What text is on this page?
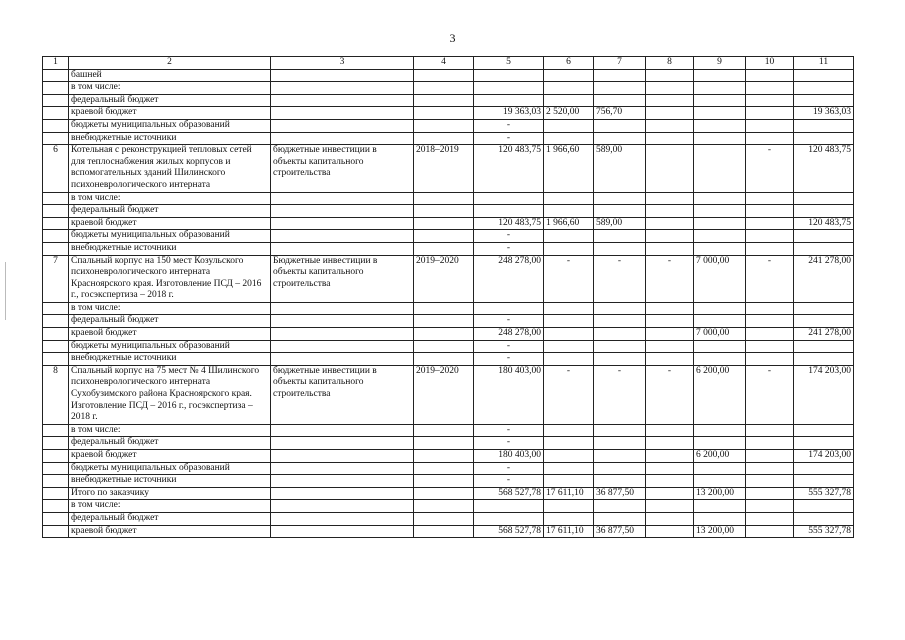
3
1	2	3	4	5	6	7	8	9	10	11
	башней									
	в том числе:									
	федеральный бюджет									
	краевой бюджет			19 363,03	2 520,00	756,70				19 363,03
	бюджеты муниципальных образований			-						
	внебюджетные источники			-						
6	Котельная с реконструкцией тепловых сетей для теплоснабжения жилых корпусов и вспомогательных зданий Шилинского психоневрологического интерната	бюджетные инвестиции в объекты капитального строительства	2018–2019	120 483,75	1 966,60	589,00			-	120 483,75
	в том числе:									
	федеральный бюджет									
	краевой бюджет			120 483,75	1 966,60	589,00				120 483,75
	бюджеты муниципальных образований			-						
	внебюджетные источники			-						
7	Спальный корпус на 150 мест Козульского психоневрологического интерната Красноярского края. Изготовление ПСД – 2016 г., госэкспертиза – 2018 г.	Бюджетные инвестиции в объекты капитального строительства	2019–2020	248 278,00	-	-	-	7 000,00	-	241 278,00
	в том числе:									
	федеральный бюджет			-						
	краевой бюджет			248 278,00				7 000,00		241 278,00
	бюджеты муниципальных образований			-						
	внебюджетные источники			-						
8	Спальный корпус на 75 мест № 4 Шилинского психоневрологического интерната Сухобузимского района Красноярского края. Изготовление ПСД – 2016 г., госэкспертиза – 2018 г.	бюджетные инвестиции в объекты капитального строительства	2019–2020	180 403,00	-	-	-	6 200,00	-	174 203,00
	в том числе:			-						
	федеральный бюджет			-						
	краевой бюджет			180 403,00				6 200,00		174 203,00
	бюджеты муниципальных образований			-						
	внебюджетные источники			-						
	Итого по заказчику			568 527,78	17 611,10	36 877,50		13 200,00		555 327,78
	в том числе:									
	федеральный бюджет									
	краевой бюджет			568 527,78	17 611,10	36 877,50		13 200,00		555 327,78
